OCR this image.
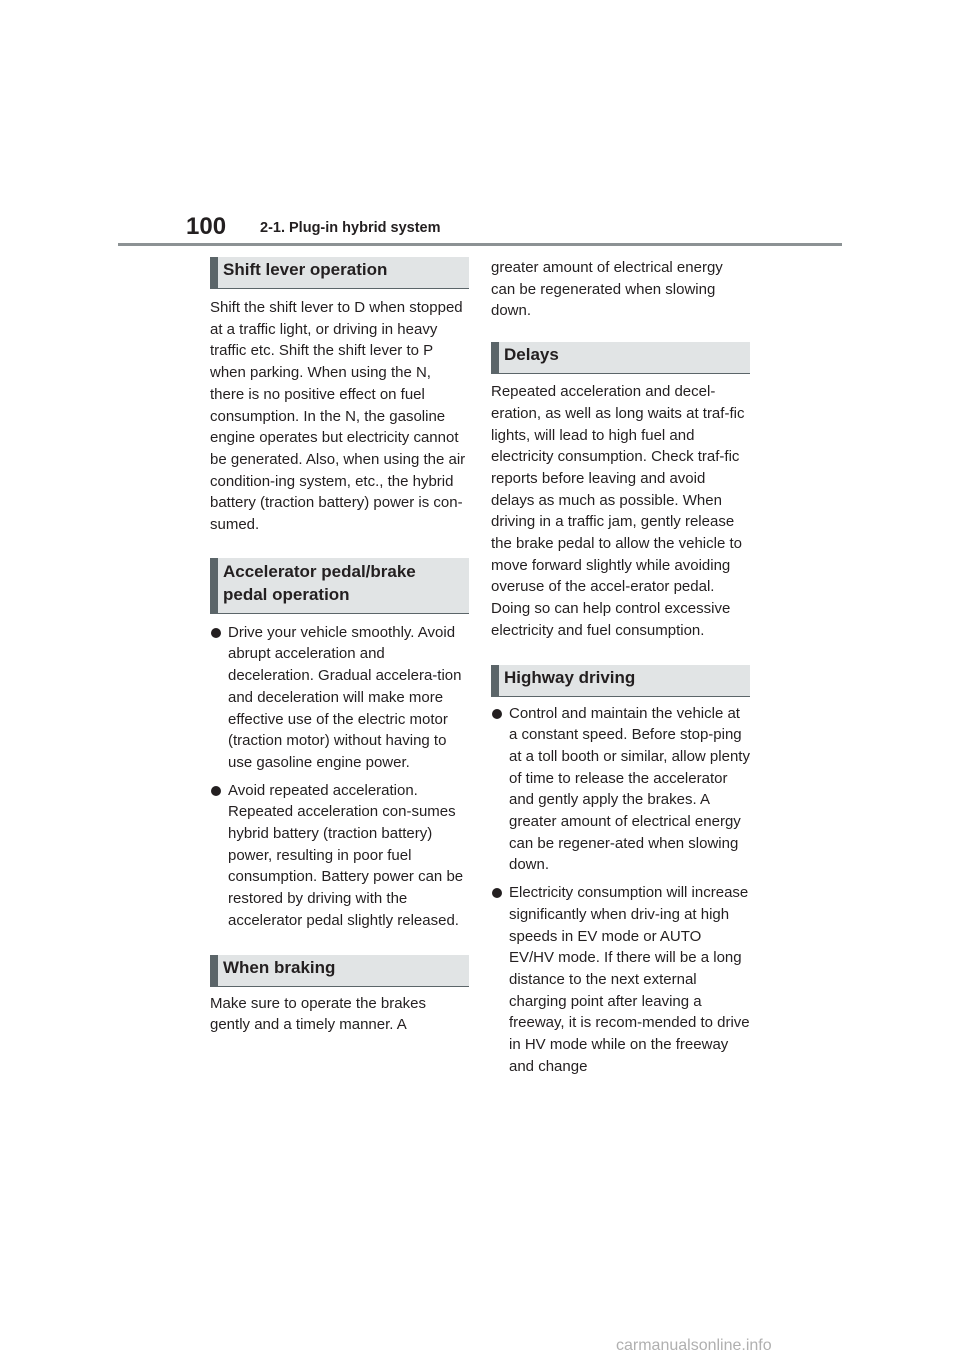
100 2-1. Plug-in hybrid system
Shift lever operation

Shift the shift lever to D when stopped at a traffic light, or driving in heavy traffic etc. Shift the shift lever to P when parking. When using the N, there is no positive effect on fuel consumption. In the N, the gasoline engine operates but electricity cannot be generated. Also, when using the air condition-ing system, etc., the hybrid battery (traction battery) power is con-sumed.

Accelerator pedal/brake
pedal operation
Drive your vehicle smoothly. Avoid abrupt acceleration and deceleration. Gradual accelera-tion and deceleration will make more effective use of the electric motor (traction motor) without having to use gasoline engine power.
Avoid repeated acceleration. Repeated acceleration con-sumes hybrid battery (traction battery) power, resulting in poor fuel consumption. Battery power can be restored by driving with the accelerator pedal slightly released.
When braking

Make sure to operate the brakes gently and a timely manner. A

greater amount of electrical energy can be regenerated when slowing down.

Delays

Repeated acceleration and decel-eration, as well as long waits at traf-fic lights, will lead to high fuel and electricity consumption. Check traf-fic reports before leaving and avoid delays as much as possible. When driving in a traffic jam, gently release the brake pedal to allow the vehicle to move forward slightly while avoiding overuse of the accel-erator pedal. Doing so can help control excessive electricity and fuel consumption.

Highway driving
Control and maintain the vehicle at a constant speed. Before stop-ping at a toll booth or similar, allow plenty of time to release the accelerator and gently apply the brakes. A greater amount of electrical energy can be regener-ated when slowing down.
Electricity consumption will increase significantly when driv-ing at high speeds in EV mode or AUTO EV/HV mode. If there will be a long distance to the next external charging point after leaving a freeway, it is recom-mended to drive in HV mode while on the freeway and change
carmanualsonline.info
